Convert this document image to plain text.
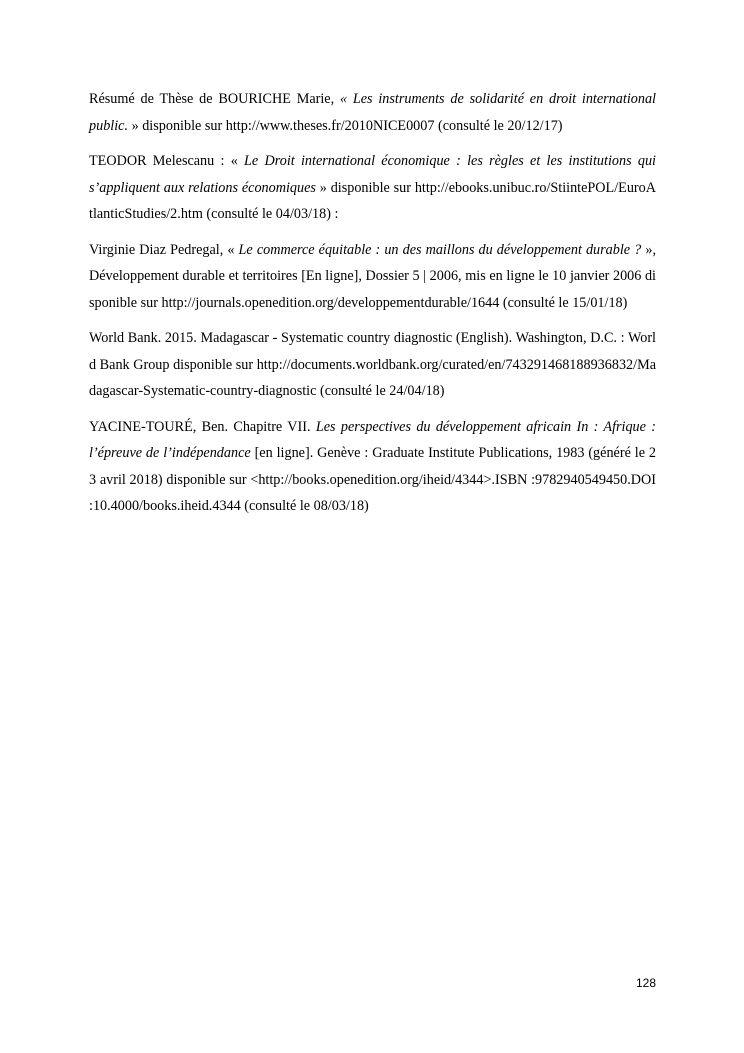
Résumé de Thèse de BOURICHE Marie, « Les instruments de solidarité en droit international public. » disponible sur http://www.theses.fr/2010NICE0007 (consulté le 20/12/17)

TEODOR Melescanu : « Le Droit international économique : les règles et les institutions qui s’appliquent aux relations économiques » disponible sur http://ebooks.unibuc.ro/StiintePOL/EuroAtlanticStudies/2.htm (consulté le 04/03/18) :

Virginie Diaz Pedregal, « Le commerce équitable : un des maillons du développement durable ? », Développement durable et territoires [En ligne], Dossier 5 | 2006, mis en ligne le 10 janvier 2006 disponible sur http://journals.openedition.org/developpementdurable/1644 (consulté le 15/01/18)

World Bank. 2015. Madagascar - Systematic country diagnostic (English). Washington, D.C. : World Bank Group disponible sur http://documents.worldbank.org/curated/en/743291468188936832/Madagascar-Systematic-country-diagnostic (consulté le 24/04/18)

YACINE-TOURÉ, Ben. Chapitre VII. Les perspectives du développement africain In : Afrique : l’épreuve de l’indépendance [en ligne]. Genève : Graduate Institute Publications, 1983 (généré le 23 avril 2018) disponible sur <http://books.openedition.org/iheid/4344>.ISBN :9782940549450.DOI :10.4000/books.iheid.4344 (consulté le 08/03/18)

128
